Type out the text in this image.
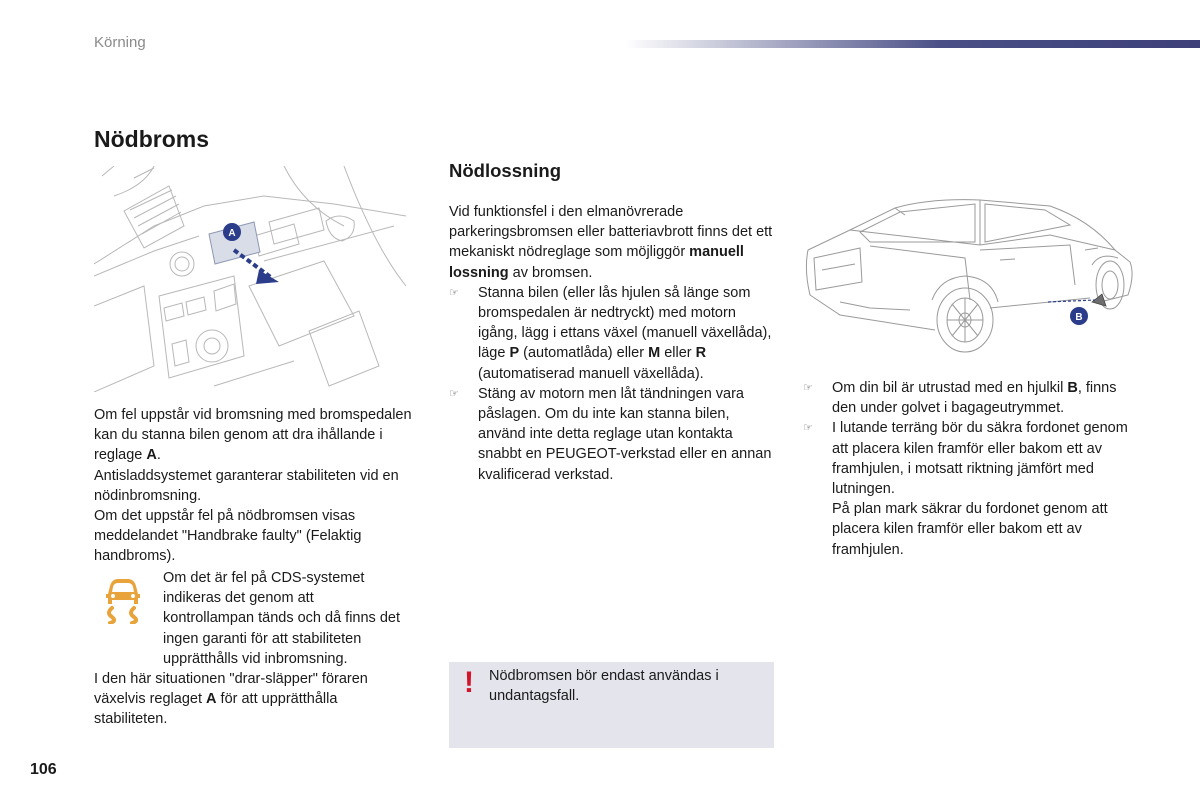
Körning
Nödbroms
A

Om fel uppstår vid bromsning med bromspedalen kan du stanna bilen genom att dra ihållande i reglage A.

Antisladdsystemet garanterar stabiliteten vid en nödinbromsning.

Om det uppstår fel på nödbromsen visas meddelandet "Handbrake faulty" (Felaktig handbroms).

Om det är fel på CDS-systemet indikeras det genom att kontrollampan tänds och då finns det ingen garanti för att stabiliteten upprätthålls vid inbromsning.

I den här situationen "drar-släpper" föraren växelvis reglaget A för att upprätthålla stabiliteten.

Nödlossning

Vid funktionsfel i den elmanövrerade parkeringsbromsen eller batteriavbrott finns det ett mekaniskt nödreglage som möjliggör manuell lossning av bromsen.

☞ Stanna bilen (eller lås hjulen så länge som bromspedalen är nedtryckt) med motorn igång, lägg i ettans växel (manuell växellåda), läge P (automatlåda) eller M eller R (automatiserad manuell växellåda).
☞ Stäng av motorn men låt tändningen vara påslagen. Om du inte kan stanna bilen, använd inte detta reglage utan kontakta snabbt en PEUGEOT-verkstad eller en annan kvalificerad verkstad.
! Nödbromsen bör endast användas i undantagsfall.
B
☞ Om din bil är utrustad med en hjulkil B, finns den under golvet i bagageutrymmet.
☞ I lutande terräng bör du säkra fordonet genom att placera kilen framför eller bakom ett av framhjulen, i motsatt riktning jämfört med lutningen.

På plan mark säkrar du fordonet genom att placera kilen framför eller bakom ett av framhjulen.

106
